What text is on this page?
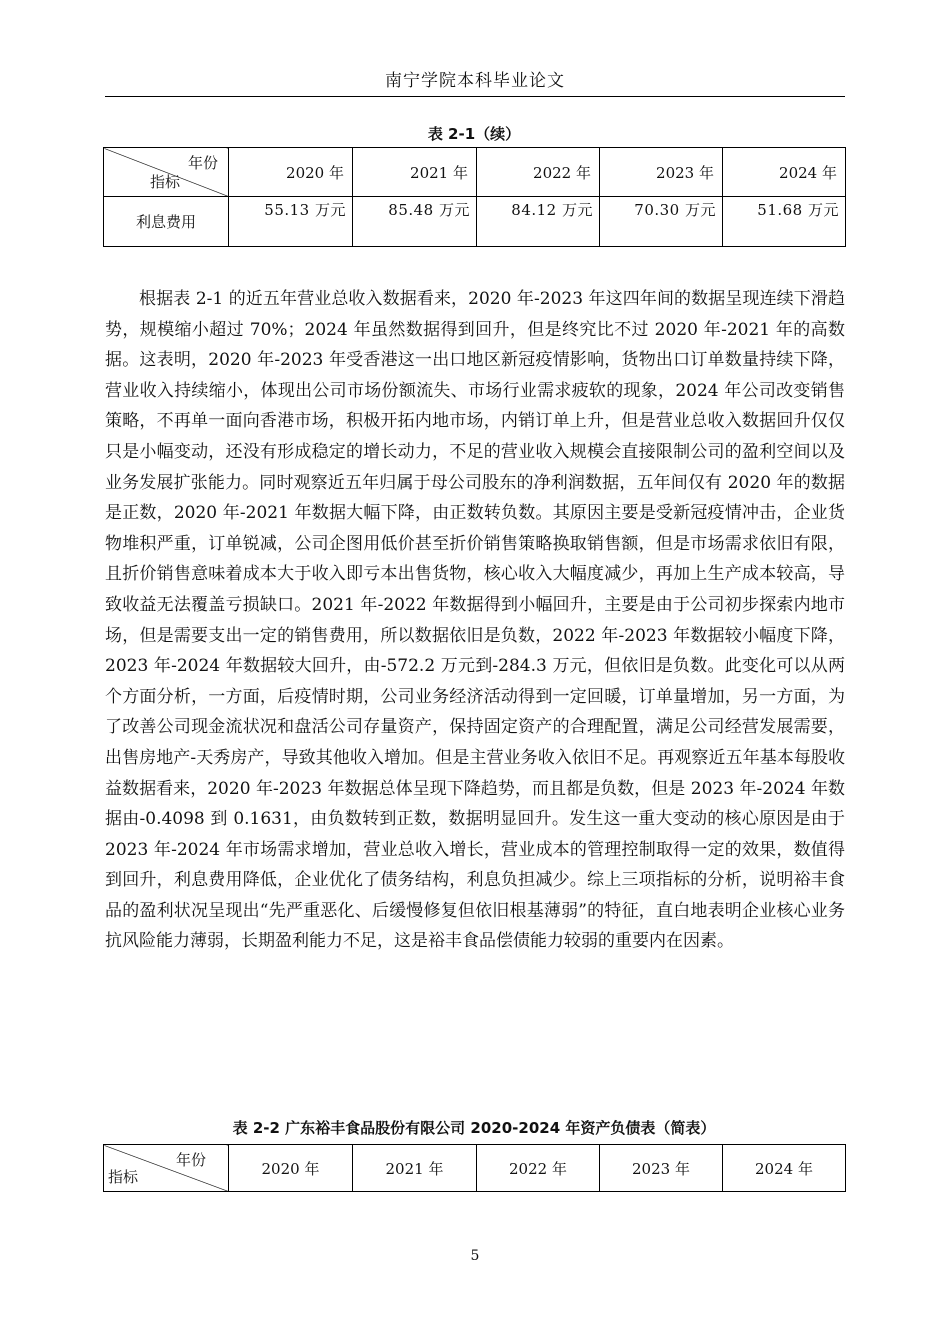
南宁学院本科毕业论文
表 2-1（续）
年份
指标	2020 年	2021 年	2022 年	2023 年	2024 年
利息费用	55.13 万元	85.48 万元	84.12 万元	70.30 万元	51.68 万元

根据表 2-1 的近五年营业总收入数据看来，2020 年-2023 年这四年间的数据呈现连续下滑趋势，规模缩小超过 70%；2024 年虽然数据得到回升，但是终究比不过 2020 年-2021 年的高数据。这表明，2020 年-2023 年受香港这一出口地区新冠疫情影响，货物出口订单数量持续下降，营业收入持续缩小，体现出公司市场份额流失、市场行业需求疲软的现象，2024 年公司改变销售策略，不再单一面向香港市场，积极开拓内地市场，内销订单上升，但是营业总收入数据回升仅仅只是小幅变动，还没有形成稳定的增长动力，不足的营业收入规模会直接限制公司的盈利空间以及业务发展扩张能力。同时观察近五年归属于母公司股东的净利润数据，五年间仅有 2020 年的数据是正数，2020 年-2021 年数据大幅下降，由正数转负数。其原因主要是受新冠疫情冲击，企业货物堆积严重，订单锐减，公司企图用低价甚至折价销售策略换取销售额，但是市场需求依旧有限，且折价销售意味着成本大于收入即亏本出售货物，核心收入大幅度减少，再加上生产成本较高，导致收益无法覆盖亏损缺口。2021 年-2022 年数据得到小幅回升，主要是由于公司初步探索内地市场，但是需要支出一定的销售费用，所以数据依旧是负数，2022 年-2023 年数据较小幅度下降，2023 年-2024 年数据较大回升，由-572.2 万元到-284.3 万元，但依旧是负数。此变化可以从两个方面分析，一方面，后疫情时期，公司业务经济活动得到一定回暖，订单量增加，另一方面，为了改善公司现金流状况和盘活公司存量资产，保持固定资产的合理配置，满足公司经营发展需要，出售房地产-天秀房产，导致其他收入增加。但是主营业务收入依旧不足。再观察近五年基本每股收益数据看来，2020 年-2023 年数据总体呈现下降趋势，而且都是负数，但是 2023 年-2024 年数据由-0.4098 到 0.1631，由负数转到正数，数据明显回升。发生这一重大变动的核心原因是由于 2023 年-2024 年市场需求增加，营业总收入增长，营业成本的管理控制取得一定的效果，数值得到回升，利息费用降低，企业优化了债务结构，利息负担减少。综上三项指标的分析，说明裕丰食品的盈利状况呈现出“先严重恶化、后缓慢修复但依旧根基薄弱”的特征，直白地表明企业核心业务抗风险能力薄弱，长期盈利能力不足，这是裕丰食品偿债能力较弱的重要内在因素。

表 2-2 广东裕丰食品股份有限公司 2020-2024 年资产负债表（简表）
年份
指标	2020 年	2021 年	2022 年	2023 年	2024 年
5
